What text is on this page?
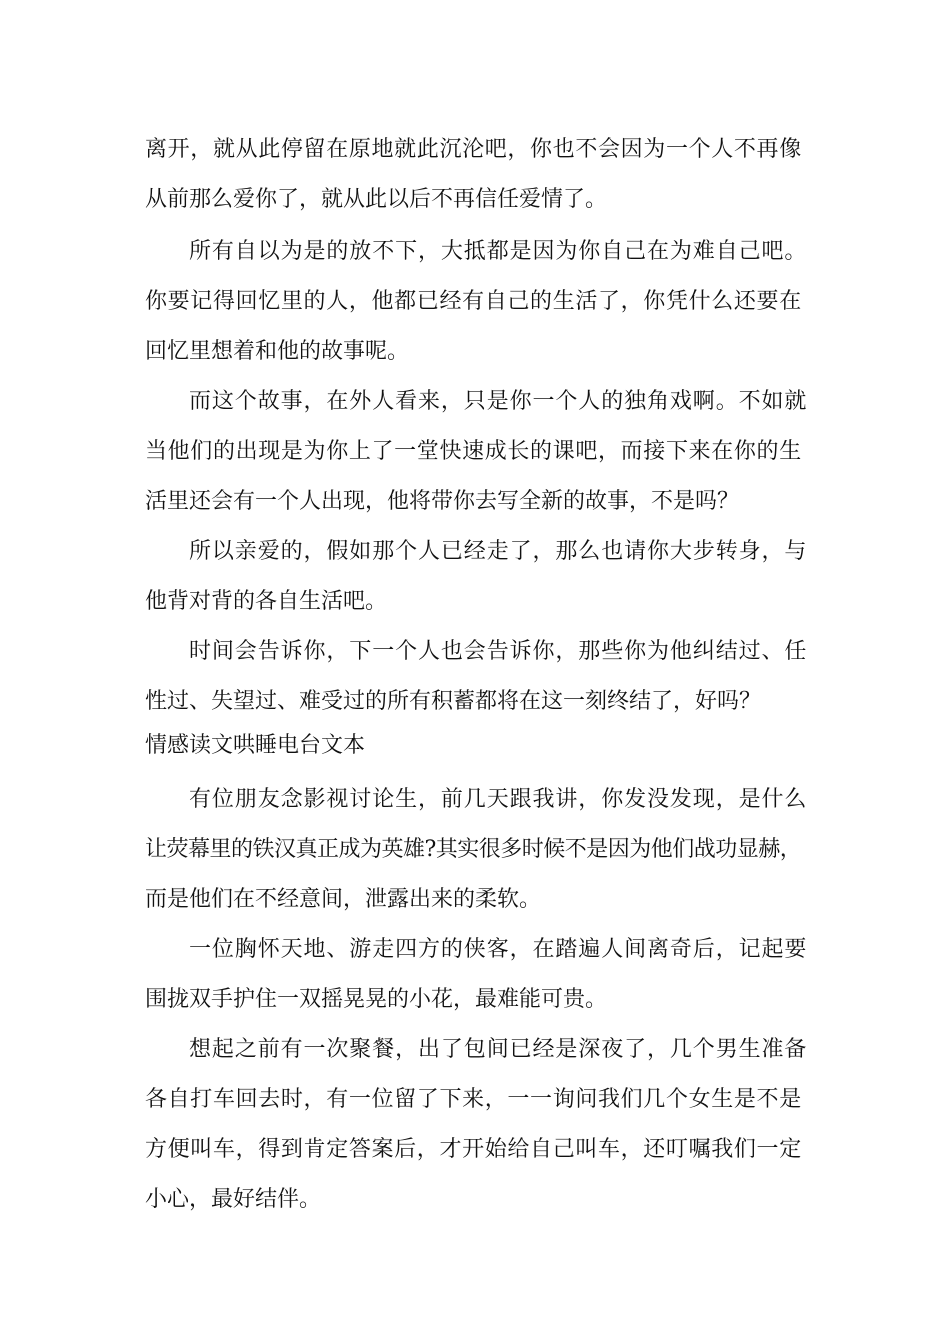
离开，就从此停留在原地就此沉沦吧，你也不会因为一个人不再像
从前那么爱你了，就从此以后不再信任爱情了。
所有自以为是的放不下，大抵都是因为你自己在为难自己吧。
你要记得回忆里的人，他都已经有自己的生活了，你凭什么还要在
回忆里想着和他的故事呢。
而这个故事，在外人看来，只是你一个人的独角戏啊。不如就
当他们的出现是为你上了一堂快速成长的课吧，而接下来在你的生
活里还会有一个人出现，他将带你去写全新的故事，不是吗？
所以亲爱的，假如那个人已经走了，那么也请你大步转身，与
他背对背的各自生活吧。
时间会告诉你，下一个人也会告诉你，那些你为他纠结过、任
性过、失望过、难受过的所有积蓄都将在这一刻终结了，好吗？
情感读文哄睡电台文本
有位朋友念影视讨论生，前几天跟我讲，你发没发现，是什么
让荧幕里的铁汉真正成为英雄?其实很多时候不是因为他们战功显赫，
而是他们在不经意间，泄露出来的柔软。
一位胸怀天地、游走四方的侠客，在踏遍人间离奇后，记起要
围拢双手护住一双摇晃晃的小花，最难能可贵。
想起之前有一次聚餐，出了包间已经是深夜了，几个男生准备
各自打车回去时，有一位留了下来，一一询问我们几个女生是不是
方便叫车，得到肯定答案后，才开始给自己叫车，还叮嘱我们一定
小心，最好结伴。
